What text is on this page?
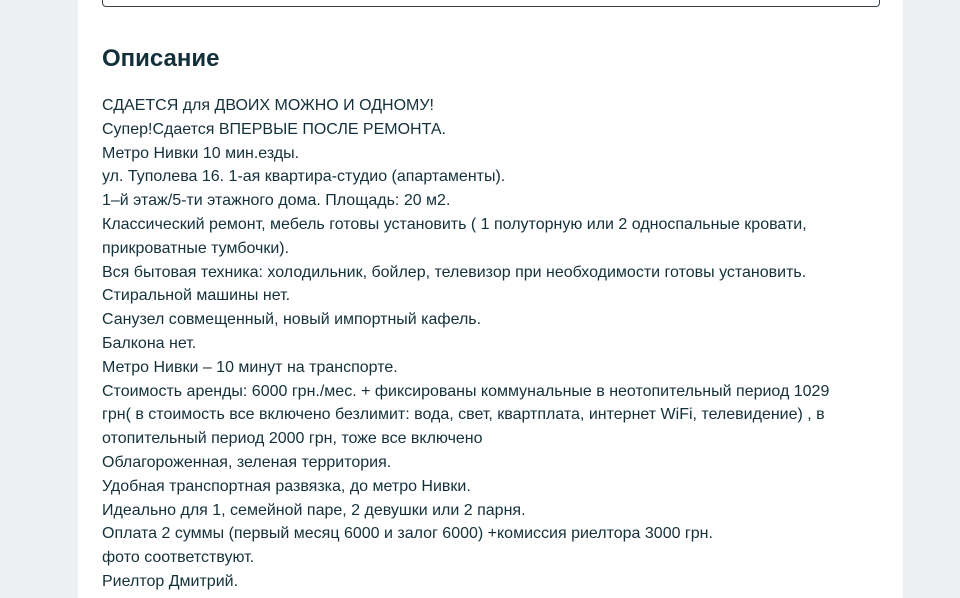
Описание
СДАЕТСЯ для ДВОИХ МОЖНО И ОДНОМУ!
Супер!Сдается ВПЕРВЫЕ ПОСЛЕ РЕМОНТА.
Метро Нивки 10 мин.езды.
ул. Туполева 16. 1-ая квартира-студио (апартаменты).
1–й этаж/5-ти этажного дома. Площадь: 20 м2.
Классический ремонт, мебель готовы установить ( 1 полуторную или 2 односпальные кровати,
прикроватные тумбочки).
Вся бытовая техника: холодильник, бойлер, телевизор при необходимости готовы установить.
Стиральной машины нет.
Санузел совмещенный, новый импортный кафель.
Балкона нет.
Метро Нивки – 10 минут на транспорте.
Стоимость аренды: 6000 грн./мес. + фиксированы коммунальные в неотопительный период 1029
грн( в стоимость все включено безлимит: вода, свет, квартплата, интернет WiFi, телевидение) , в
отопительный период 2000 грн, тоже все включено
Облагороженная, зеленая территория.
Удобная транспортная развязка, до метро Нивки.
Идеально для 1, семейной паре, 2 девушки или 2 парня.
Оплата 2 суммы (первый месяц 6000 и залог 6000) +комиссия риелтора 3000 грн.
фото соответствуют.
Риелтор Дмитрий.
